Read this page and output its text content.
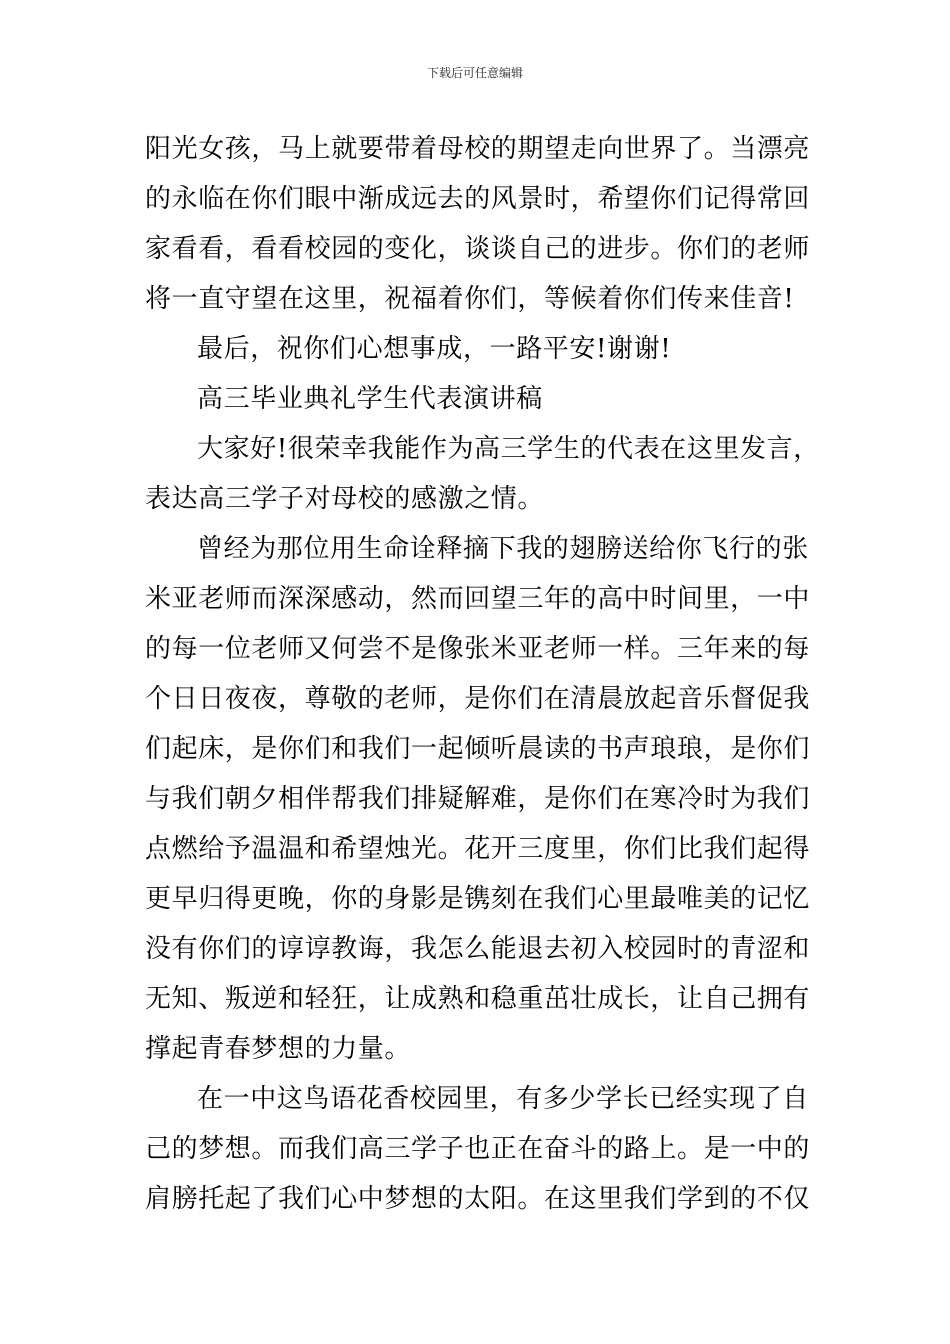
下载后可任意编辑
阳光女孩，马上就要带着母校的期望走向世界了。当漂亮
的永临在你们眼中渐成远去的风景时，希望你们记得常回
家看看，看看校园的变化，谈谈自己的进步。你们的老师
将一直守望在这里，祝福着你们，等候着你们传来佳音!
最后，祝你们心想事成，一路平安!谢谢!
高三毕业典礼学生代表演讲稿
大家好!很荣幸我能作为高三学生的代表在这里发言，
表达高三学子对母校的感激之情。
曾经为那位用生命诠释摘下我的翅膀送给你飞行的张
米亚老师而深深感动，然而回望三年的高中时间里，一中
的每一位老师又何尝不是像张米亚老师一样。三年来的每
个日日夜夜，尊敬的老师，是你们在清晨放起音乐督促我
们起床，是你们和我们一起倾听晨读的书声琅琅，是你们
与我们朝夕相伴帮我们排疑解难，是你们在寒冷时为我们
点燃给予温温和希望烛光。花开三度里，你们比我们起得
更早归得更晚，你的身影是镌刻在我们心里最唯美的记忆
没有你们的谆谆教诲，我怎么能退去初入校园时的青涩和
无知、叛逆和轻狂，让成熟和稳重茁壮成长，让自己拥有
撑起青春梦想的力量。
在一中这鸟语花香校园里，有多少学长已经实现了自
己的梦想。而我们高三学子也正在奋斗的路上。是一中的
肩膀托起了我们心中梦想的太阳。在这里我们学到的不仅
